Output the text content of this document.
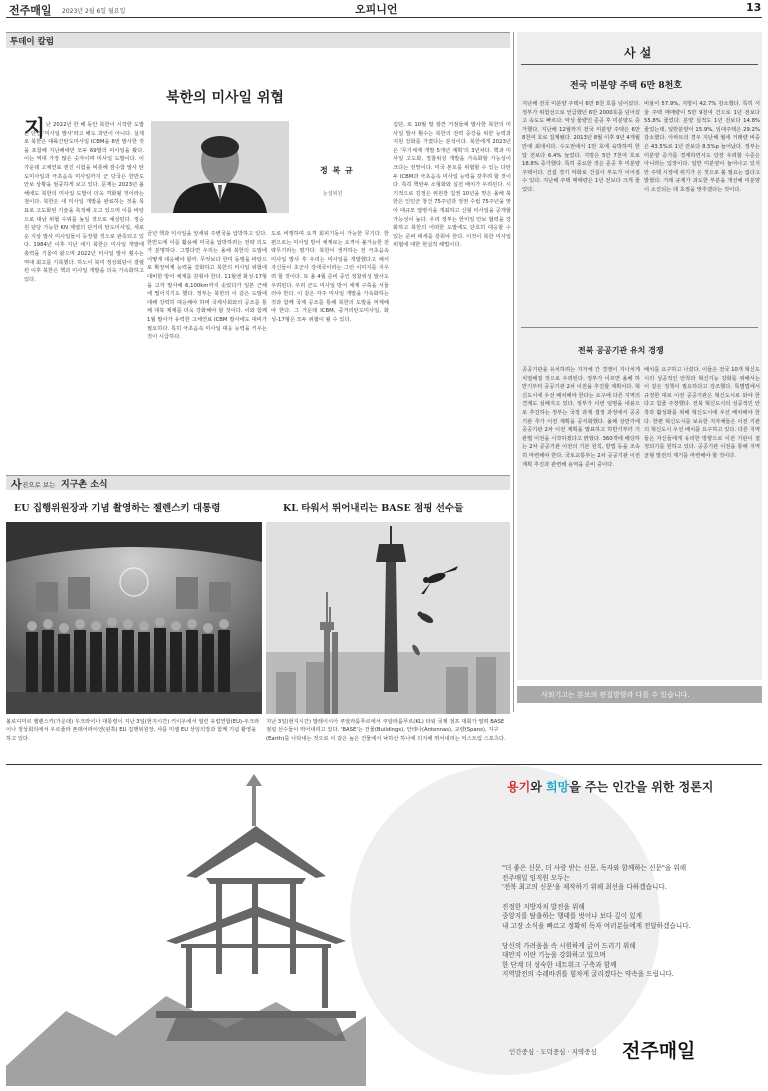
전주매일 2023년 2월 6일 월요일	오피니언	13
투데이 칼럼
북한의 미사일 위협
정 복 규
논설위원
지 난 2022년 한 해 동안 북한이 시작한 도발은 단연 '미사일 발사'라고 해도 과언이 아니다. 실제로 북한은 대륙간탄도미사일 ICBM을 8번 발사한 것을 포함해 지난해에만 모두 69발의 미사일을 쐈다. 이는 역대 가장 많은 숫자이며 미사일 도발이다. 이 가운데 고체연료 엔진 시험을 비롯해 잠수함 발사 탄도미사일과 극초음속 미사일까지 군 당국은 한반도 안보 상황을 엄중하게 보고 있다. 문제는 2023년 올해에도 북한의 미사일 도발이 더욱 격화될 것이라는 점이다. 북한은 새 미사일 개발을 완료하는 것을 목표로 고도화된 기술을 축적해 오고 있으며 이를 바탕으로 대남 위협 수위를 높일 것으로 예상된다. 정승원 담당 가능한 KN 계열의 단거리 탄도미사일, 새로운 지상 발사 미사일들이 등장할 것으로 관측되고 있다. 1984년 이후 지난 세기 북한은 미사일 개발에 총력을 기울여 왔으며 2022년 미사일 발사 횟수는 역대 최고를 기록했다. 하노이 북미 정상회담이 결렬된 이후 북한은 핵과 미사일 개발을 더욱 가속화하고 있다.
금년 핵과 미사일을 앞세워 주변국을 압박하고 있다. 한반도에 이를 활용해 미국을 압박하려는 전략 의도가 분명하다. 그렇다면 우리는 올해 북한의 도발에 어떻게 대응해야 할까. 무엇보다 한미 동맹을 바탕으로 확장억제 능력을 강화하고 북한의 미사일 위협에 대비한 방어 체계를 갖춰야 한다. 11월엔 화성-17형을 고각 발사해 6,100km까지 솟았다가 일본 근해에 떨어지기도 했다. 정부는 북한의 이 같은 도발에 대해 강력히 대응해야 하며 국제사회와의 공조를 통해 대북 제재를 더욱 강화해야 할 것이다. 이와 함께 1월 발사가 유력한 고체연료 ICBM 발사에도 대비가 필요하다. 특히 극초음속 미사일 대응 능력을 키우는 것이 시급하다.
도로 비행하며 요격 회피기동이 가능한 무기다. 한편으로는 미사일 방어 체계로는 요격이 불가능한 전략무기라는 평가다. 북한이 생각하는 전 극초음속 미사일 발사 후 우리는 미사일을 개발했다고 해서 자신들이 초군사 강대국이라는 그런 이미지를 지우려 할 것이다. 또 올 4월 준비 중인 정찰위성 발사도 우려된다. 우리 군도 미사일 방어 체계 구축을 서둘러야 한다. 이 같은 자주 미사일 개발을 가속화하는 것과 함께 국제 공조를 통해 북한의 도발을 억제해야 한다. 그 가운데 ICBM, 중거리탄도미사일, 화성-17형은 모두 위협이 될 수 있다.
집단, 또 10월 말 잠깐 거점들에 발사한 북한의 미사일 발사 횟수는 북한의 전력 증강을 위한 능력과 지원 강화를 가졌다는 분석이다. 북한에게 2023년은 '무기체계 개발 5개년 계획'의 3년차다. 핵과 미사일 고도화, 정찰위성 개발을 가속화할 가능성이 크다는 전망이다. 미국 본토를 위협할 수 있는 다탄두 ICBM과 극초음속 미사일 능력을 갖추려 할 것이다. 특히 핵탄두 소형화와 실전 배치가 우려된다. 시기적으로 김정은 위원장 집권 10년을 맞은 올해 북한은 인민군 창건 75주년과 정권 수립 75주년을 맞아 대규모 열병식을 개최하고 신형 미사일을 공개할 가능성이 높다. 우리 정부는 한미일 안보 협력을 강화하고 북한의 어떠한 도발에도 단호히 대응할 수 있는 준비 태세를 갖춰야 한다. 이것이 북한 미사일 위협에 대한 현실적 해법이다.
사 진으로 보는 지구촌 소식
EU 집행위원장과 기념 촬영하는 젤렌스키 대통령	KL 타워서 뛰어내리는 BASE 점핑 선수들
볼로디미르 젤렌스키(가운데) 우크라이나 대통령이 지난 3일(현지시간) 키이우에서 열린 유럽연합(EU)-우크라이나 정상회의에서 우르줄라 폰데어라이엔(왼쪽) EU 집행위원장, 샤를 미셸 EU 상임의장과 함께 기념 촬영을 하고 있다.
지난 3일(현지시간) 말레이시아 쿠알라룸푸르에서 쿠알라룸푸르(KL) 타워 국제 점프 대회가 열려 BASE 점핑 선수들이 뛰어내리고 있다. 'BASE'는 건물(Buildings), 안테나(Antennas), 교량(Spans), 지구(Earth)를 나타내는 것으로 이 같은 높은 건물에서 낙하산 하나에 의지해 뛰어내리는 익스트림 스포츠다.
사 설
전국 미분양 주택 6만 8천호
지난해 전국 미분양 주택이 6만 8천 호를 넘어섰다. 정부가 위험선으로 언급했던 6만 2000호를 넘어섰고 속도도 빠르다. 악성 물량인 준공 후 미분양도 증가했다. 지난해 12월까지 전국 미분양 주택은 6만 8천여 호로 집계됐다. 2013년 8월 이후 9년 4개월 만에 최대치다. 수도권에서 1만 호에 육박하며 한 달 전보다 6.4% 늘었다. 지방은 5만 7천여 호로 18.8% 증가했다. 특히 중요한 것은 준공 후 미분양 주택이다. 건설 경기 악화로 건설사 부도가 이어질 수 있다. 지난해 주택 매매량은 1년 전보다 크게 줄었다.
비율이 57.9%, 지방이 42.7% 감소했다. 특히 서울 주택 매매량이 5만 9천여 건으로 1년 전보다 55.8% 줄었다. 분양 실적도 1년 전보다 14.8% 줄었는데, 일반분양이 15.9%, 임대주택은 29.2% 감소했다. 아파트의 경우 지난해 월세 거래량 비중은 43.5%로 1년 전보다 8.5%p 늘어났다. 정부는 미분양 증가를 경계하면서도 당장 우려할 수준은 아니라는 입장이다. 일반 미분양이 늘어나고 있지만 주택 시장에 위기가 온 것으로 볼 필요는 없다고 밝혔다. 거래 규제가 과도한 부분을 개선해 미분양이 소진되는 데 초점을 맞추겠다는 것이다.
전북 공공기관 유치 경쟁
공공기관을 유치하려는 지자체 간 경쟁이 지나치게 치열해질 것으로 우려된다. 정부가 이르면 올해 하반기부터 공공기관 2차 이전을 추진할 계획이다. 혁신도시에 우선 배치해야 한다는 요구에 다른 지역의 견제도 심해지고 있다. 정부가 이번 임명을 내용으로 추진하는 정부는 국정 과제 결정 과정에서 공공기관 추가 이전 계획을 공식화했다. 올해 상반기에 공공기관 2차 이전 계획을 발표하고 하반기부터 기관별 이전을 시작하겠다고 밝혔다. 360개에 해당하는 2차 공공기관 이전의 기본 원칙, 방법 등을 조속히 마련해야 한다. 국토교통부는 2차 공공기관 이전 계획 추진과 관련해 용역을 준비 중이다.
배치를 요구하고 나섰다. 이들은 전국 10개 혁신도시의 성공적인 안착과 혁신기능 강화를 위해서는 이 같은 정책이 필요하다고 강조했다. 특별법에서 규정한 대로 이전 공공기관은 혁신도시로 와야 한다고 힘줄 주장했다. 전북 혁신도시의 성공적인 안착과 활성화를 위해 혁신도시에 우선 배치해야 한다. 한편 혁신도시를 보유한 지자체들은 이전 기관의 혁신도시 우선 배치를 요구하고 있다. 다른 지역들은 자신들에게 유리한 방향으로 이전 기관이 결정되기를 원하고 있다. 공공기관 이전을 통해 지역 균형 발전의 계기를 마련해야 할 것이다.
사외기고는 본보의 편집방향과 다를 수 있습니다.
용기와 희망을 주는 인간을 위한 정론지
"더 좋은 신문, 더 사랑 받는 신문, 독자와 함께하는 신문"을 위해
전주매일 임직원 모두는
'전북 최고의 신문'을 제작하기 위해 최선을 다하겠습니다.
진정한 지방자치 발전을 위해
중앙지를 탈출하는 행태를 벗어나 보다 깊이 있게
내 고장 소식을 빠르고 정확히 독자 여러분들에게 전달하겠습니다.
당신의 가려움을 속 시원하게 긁어 드리기 위해
대안지 이란 기능을 강화하고 있으며
한 단계 더 성숙한 네트워크 구축과 함께
지역발전의 수레바퀴를 힘차게 굴리겠다는 약속을 드립니다.
인간중심 · 도덕중심 · 지역중심 전주매일
